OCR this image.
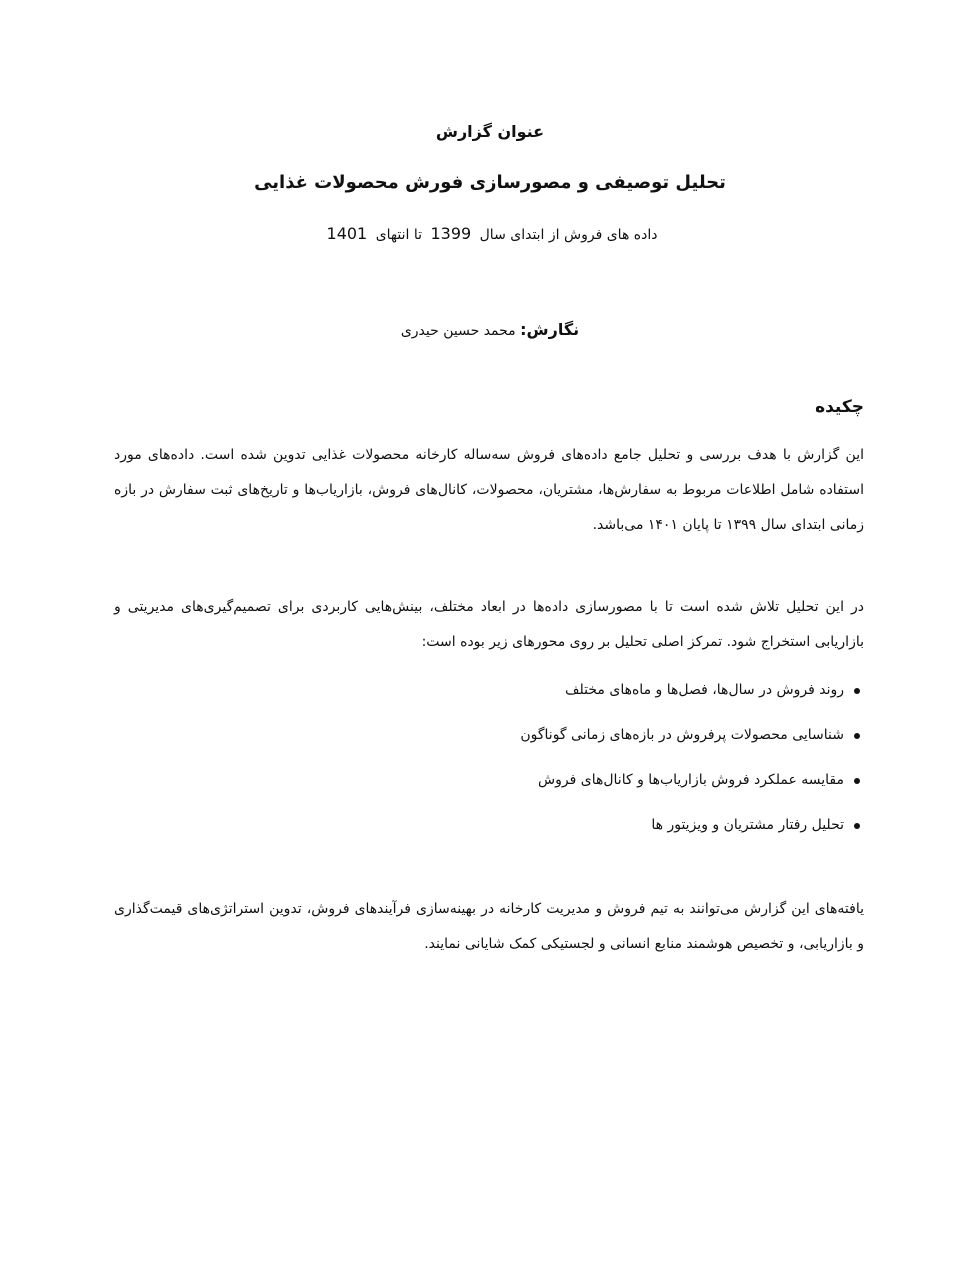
عنوان گزارش
تحلیل توصیفی و مصورسازی فورش محصولات غذایی
داده های فروش از ابتدای سال 1399 تا انتهای 1401
نگارش: محمد حسین حیدری
چکیده

این گزارش با هدف بررسی و تحلیل جامع داده‌های فروش سه‌ساله کارخانه محصولات غذایی تدوین شده است. داده‌های مورد استفاده شامل اطلاعات مربوط به سفارش‌ها، مشتریان، محصولات، کانال‌های فروش، بازاریاب‌ها و تاریخ‌های ثبت سفارش در بازه زمانی ابتدای سال ۱۳۹۹ تا پایان ۱۴۰۱ می‌باشد.

در این تحلیل تلاش شده است تا با مصورسازی داده‌ها در ابعاد مختلف، بینش‌هایی کاربردی برای تصمیم‌گیری‌های مدیریتی و بازاریابی استخراج شود. تمرکز اصلی تحلیل بر روی محورهای زیر بوده است:

روند فروش در سال‌ها، فصل‌ها و ماه‌های مختلف
شناسایی محصولات پرفروش در بازه‌های زمانی گوناگون
مقایسه عملکرد فروش بازاریاب‌ها و کانال‌های فروش
تحلیل رفتار مشتریان و ویزیتور ها

یافته‌های این گزارش می‌توانند به تیم فروش و مدیریت کارخانه در بهینه‌سازی فرآیندهای فروش، تدوین استراتژی‌های قیمت‌گذاری و بازاریابی، و تخصیص هوشمند منابع انسانی و لجستیکی کمک شایانی نمایند.
